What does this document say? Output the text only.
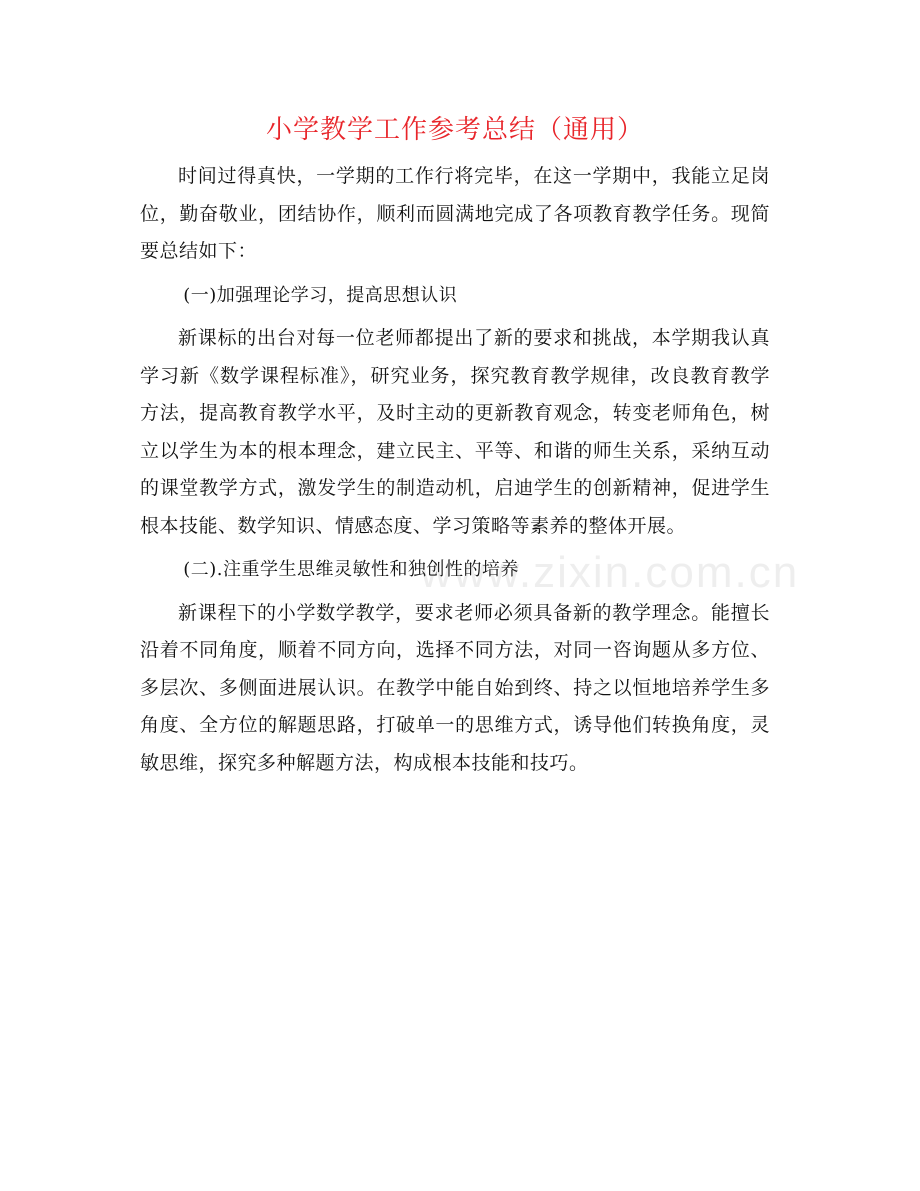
小学教学工作参考总结（通用）

时间过得真快，一学期的工作行将完毕，在这一学期中，我能立足岗位，勤奋敬业，团结协作，顺利而圆满地完成了各项教育教学任务。现简要总结如下：

(一)加强理论学习，提高思想认识

新课标的出台对每一位老师都提出了新的要求和挑战，本学期我认真学习新《数学课程标准》，研究业务，探究教育教学规律，改良教育教学方法，提高教育教学水平，及时主动的更新教育观念，转变老师角色，树立以学生为本的根本理念，建立民主、平等、和谐的师生关系，采纳互动的课堂教学方式，激发学生的制造动机，启迪学生的创新精神，促进学生根本技能、数学知识、情感态度、学习策略等素养的整体开展。

(二).注重学生思维灵敏性和独创性的培养

新课程下的小学数学教学，要求老师必须具备新的教学理念。能擅长沿着不同角度，顺着不同方向，选择不同方法，对同一咨询题从多方位、多层次、多侧面进展认识。在教学中能自始到终、持之以恒地培养学生多角度、全方位的解题思路，打破单一的思维方式，诱导他们转换角度，灵敏思维，探究多种解题方法，构成根本技能和技巧。

www.zixin.com.cn
